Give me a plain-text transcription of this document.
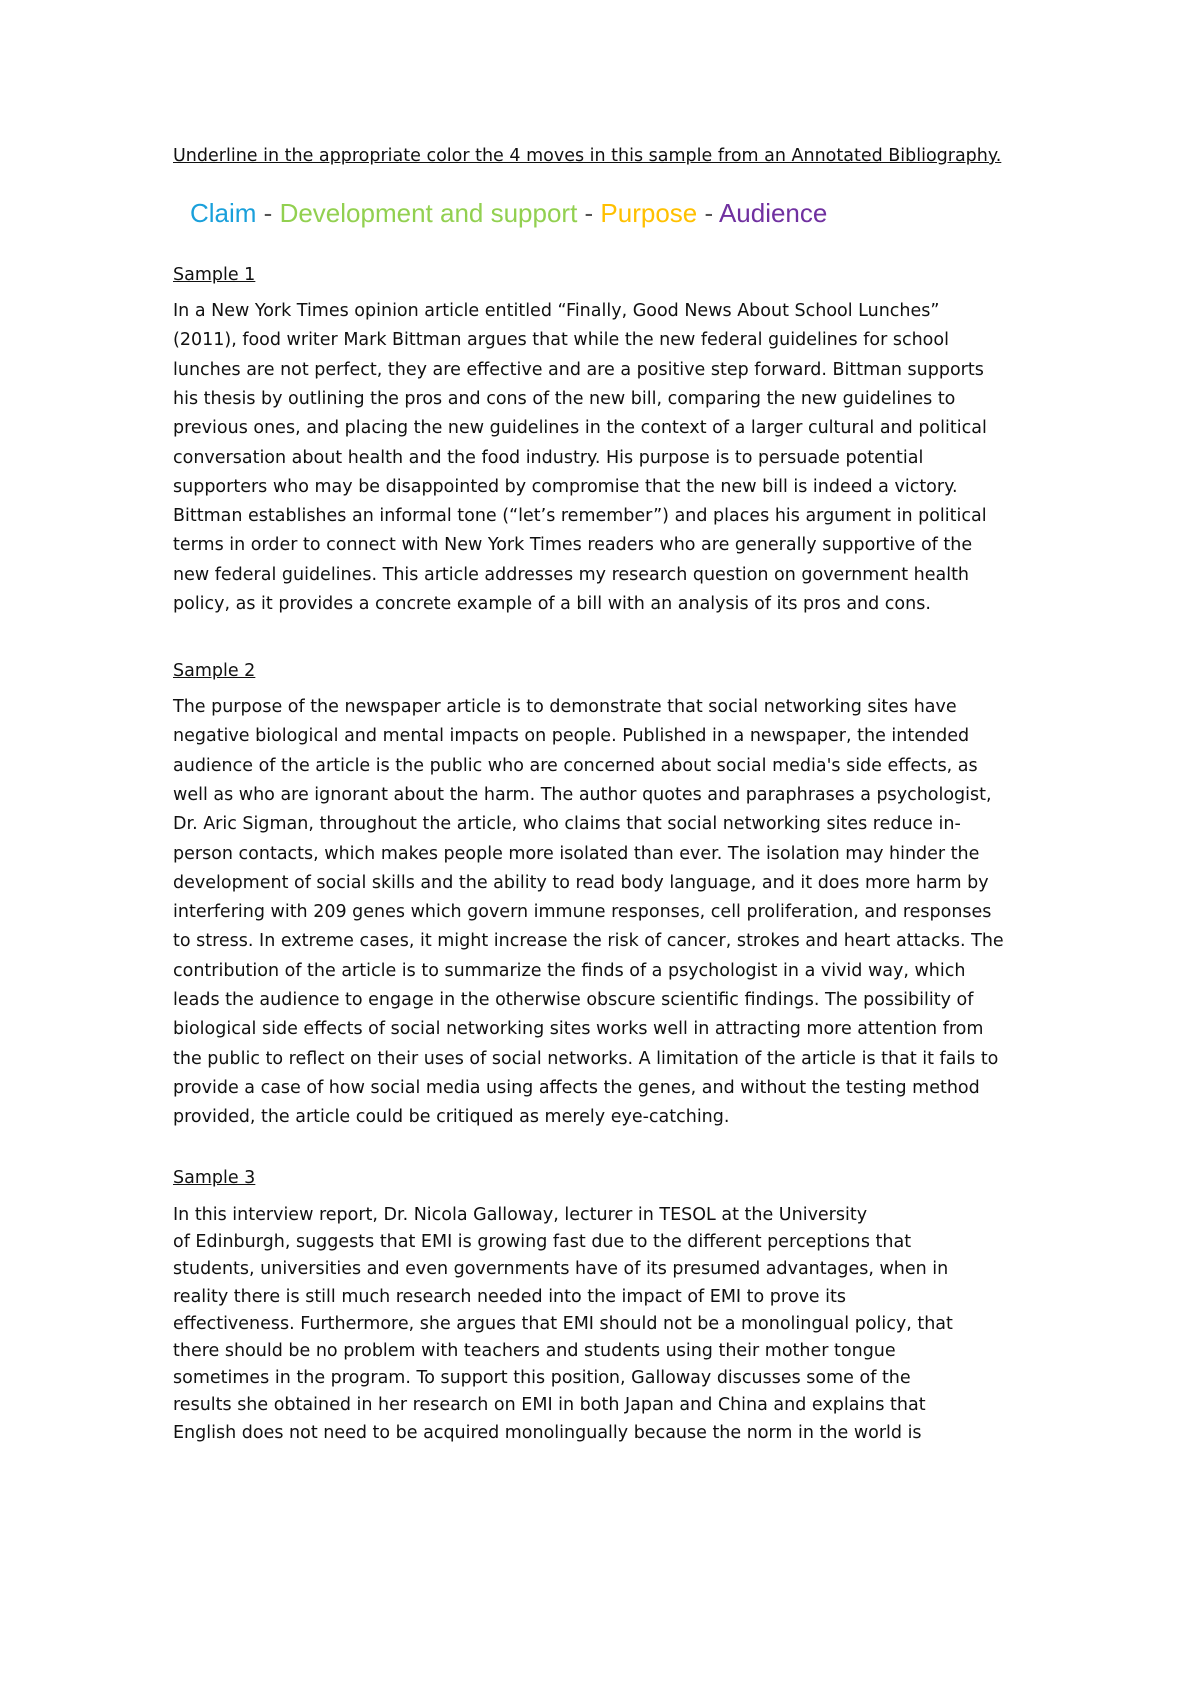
Underline in the appropriate color the 4 moves in this sample from an Annotated Bibliography.
Claim - Development and support - Purpose - Audience
Sample 1
In a New York Times opinion article entitled “Finally, Good News About School Lunches”
(2011), food writer Mark Bittman argues that while the new federal guidelines for school
lunches are not perfect, they are effective and are a positive step forward. Bittman supports
his thesis by outlining the pros and cons of the new bill, comparing the new guidelines to
previous ones, and placing the new guidelines in the context of a larger cultural and political
conversation about health and the food industry. His purpose is to persuade potential
supporters who may be disappointed by compromise that the new bill is indeed a victory.
Bittman establishes an informal tone (“let’s remember”) and places his argument in political
terms in order to connect with New York Times readers who are generally supportive of the
new federal guidelines. This article addresses my research question on government health
policy, as it provides a concrete example of a bill with an analysis of its pros and cons.
Sample 2
The purpose of the newspaper article is to demonstrate that social networking sites have
negative biological and mental impacts on people. Published in a newspaper, the intended
audience of the article is the public who are concerned about social media's side effects, as
well as who are ignorant about the harm. The author quotes and paraphrases a psychologist,
Dr. Aric Sigman, throughout the article, who claims that social networking sites reduce in-
person contacts, which makes people more isolated than ever. The isolation may hinder the
development of social skills and the ability to read body language, and it does more harm by
interfering with 209 genes which govern immune responses, cell proliferation, and responses
to stress. In extreme cases, it might increase the risk of cancer, strokes and heart attacks. The
contribution of the article is to summarize the finds of a psychologist in a vivid way, which
leads the audience to engage in the otherwise obscure scientific findings. The possibility of
biological side effects of social networking sites works well in attracting more attention from
the public to reflect on their uses of social networks. A limitation of the article is that it fails to
provide a case of how social media using affects the genes, and without the testing method
provided, the article could be critiqued as merely eye-catching.
Sample 3
In this interview report, Dr. Nicola Galloway, lecturer in TESOL at the University
of Edinburgh, suggests that EMI is growing fast due to the different perceptions that
students, universities and even governments have of its presumed advantages, when in
reality there is still much research needed into the impact of EMI to prove its
effectiveness. Furthermore, she argues that EMI should not be a monolingual policy, that
there should be no problem with teachers and students using their mother tongue
sometimes in the program. To support this position, Galloway discusses some of the
results she obtained in her research on EMI in both Japan and China and explains that
English does not need to be acquired monolingually because the norm in the world is
